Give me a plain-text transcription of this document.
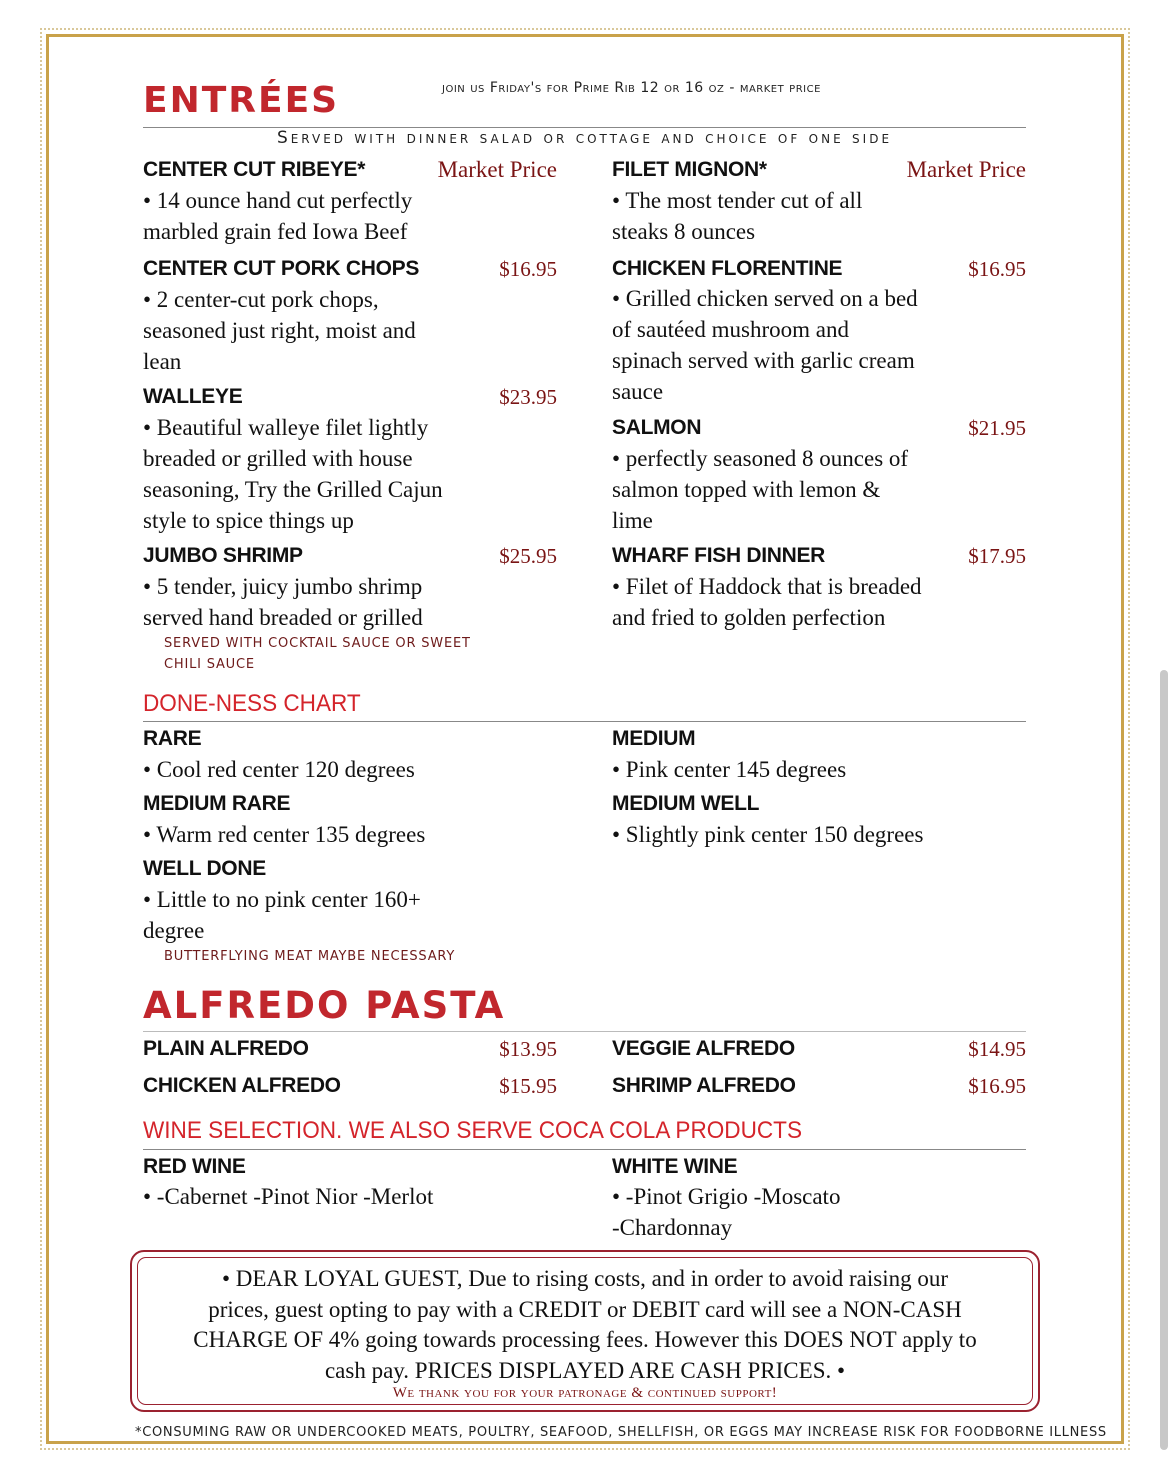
ENTRÉES	join us Friday's for Prime Rib 12 or 16 oz - market price
Served with dinner salad or cottage and choice of one side
CENTER CUT RIBEYE*	Market Price
• 14 ounce hand cut perfectly
marbled grain fed Iowa Beef
CENTER CUT PORK CHOPS	$16.95
• 2 center-cut pork chops,
seasoned just right, moist and
lean
WALLEYE	$23.95
• Beautiful walleye filet lightly
breaded or grilled with house
seasoning, Try the Grilled Cajun
style to spice things up
JUMBO SHRIMP	$25.95
• 5 tender, juicy jumbo shrimp
served hand breaded or grilled
SERVED WITH COCKTAIL SAUCE OR SWEET
CHILI SAUCE
FILET MIGNON*	Market Price
• The most tender cut of all
steaks 8 ounces
CHICKEN FLORENTINE	$16.95
• Grilled chicken served on a bed
of sautéed mushroom and
spinach served with garlic cream
sauce
SALMON	$21.95
• perfectly seasoned 8 ounces of
salmon topped with lemon &
lime
WHARF FISH DINNER	$17.95
• Filet of Haddock that is breaded
and fried to golden perfection
DONE-NESS CHART
RARE
• Cool red center 120 degrees
MEDIUM
• Pink center 145 degrees
MEDIUM RARE
• Warm red center 135 degrees
MEDIUM WELL
• Slightly pink center 150 degrees
WELL DONE
• Little to no pink center 160+
degree
BUTTERFLYING MEAT MAYBE NECESSARY
ALFREDO PASTA
PLAIN ALFREDO	$13.95	VEGGIE ALFREDO	$14.95
CHICKEN ALFREDO	$15.95	SHRIMP ALFREDO	$16.95
WINE SELECTION. WE ALSO SERVE COCA COLA PRODUCTS
RED WINE
• -Cabernet -Pinot Nior -Merlot
WHITE WINE
• -Pinot Grigio -Moscato
-Chardonnay
• DEAR LOYAL GUEST, Due to rising costs, and in order to avoid raising our
prices, guest opting to pay with a CREDIT or DEBIT card will see a NON-CASH
CHARGE OF 4% going towards processing fees. However this DOES NOT apply to
cash pay. PRICES DISPLAYED ARE CASH PRICES. •
We thank you for your patronage & continued support!
*CONSUMING RAW OR UNDERCOOKED MEATS, POULTRY, SEAFOOD, SHELLFISH, OR EGGS MAY INCREASE RISK FOR FOODBORNE ILLNESS
